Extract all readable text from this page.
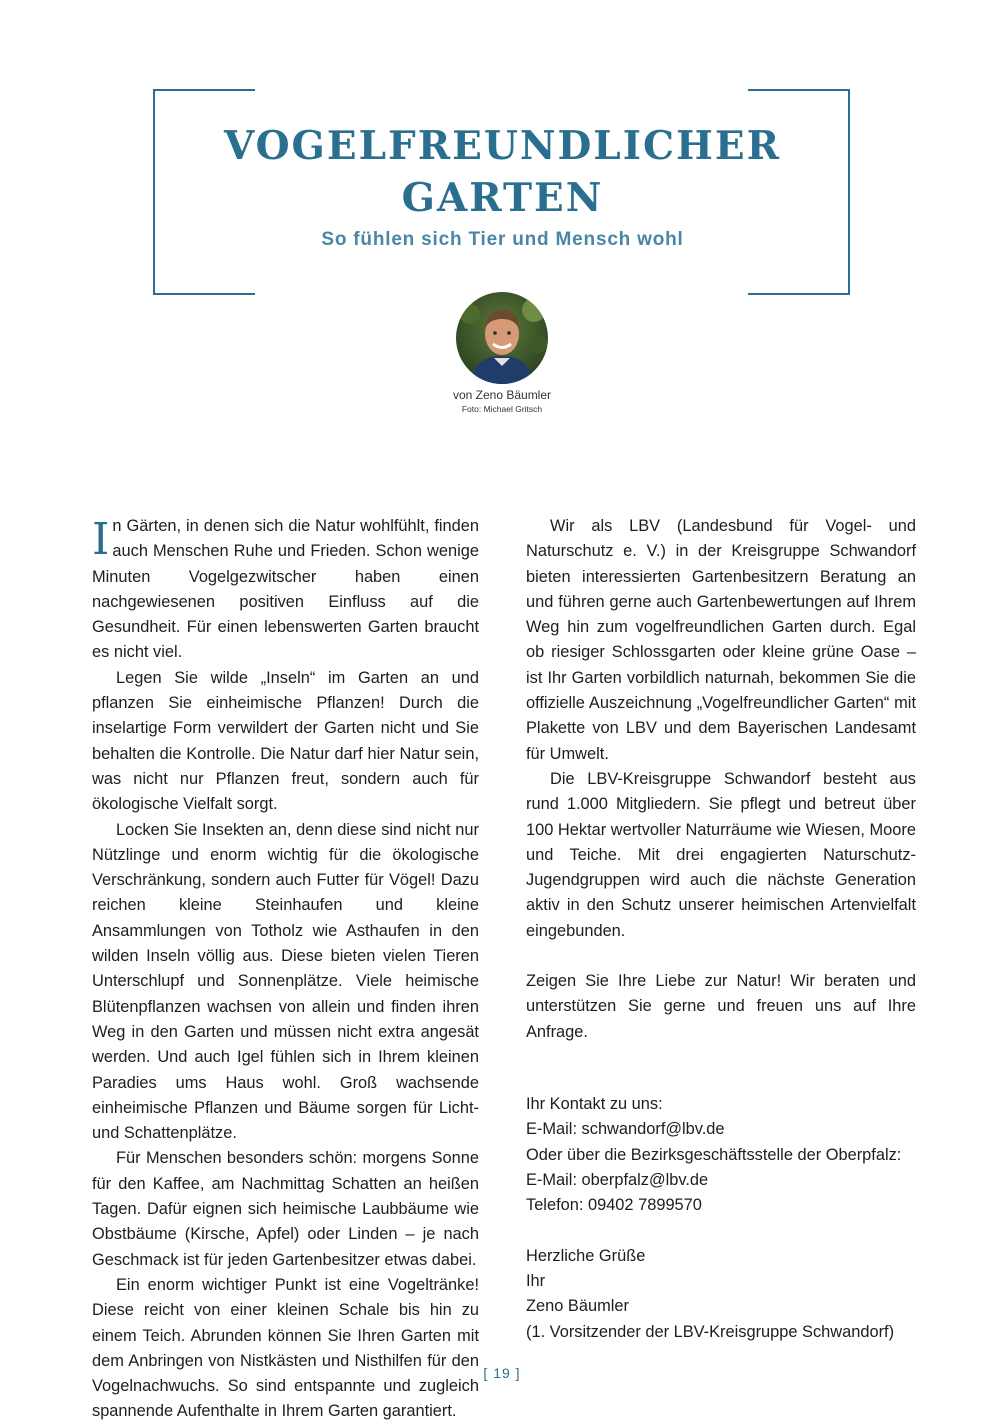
VOGELFREUNDLICHER
GARTEN
So fühlen sich Tier und Mensch wohl
von Zeno Bäumler
Foto: Michael Gritsch

In Gärten, in denen sich die Natur wohlfühlt, finden auch Menschen Ruhe und Frieden. Schon wenige Minuten Vogelgezwitscher haben einen nachgewiesenen positiven Einfluss auf die Gesundheit. Für einen lebenswerten Garten braucht es nicht viel.

Legen Sie wilde „Inseln“ im Garten an und pflanzen Sie einheimische Pflanzen! Durch die inselartige Form verwildert der Garten nicht und Sie behalten die Kontrolle. Die Natur darf hier Natur sein, was nicht nur Pflanzen freut, sondern auch für ökologische Vielfalt sorgt.

Locken Sie Insekten an, denn diese sind nicht nur Nützlinge und enorm wichtig für die ökologische Verschränkung, sondern auch Futter für Vögel! Dazu reichen kleine Steinhaufen und kleine Ansammlungen von Totholz wie Asthaufen in den wilden Inseln völlig aus. Diese bieten vielen Tieren Unterschlupf und Sonnenplätze. Viele heimische Blütenpflanzen wachsen von allein und finden ihren Weg in den Garten und müssen nicht extra angesät werden. Und auch Igel fühlen sich in Ihrem kleinen Paradies ums Haus wohl. Groß wachsende einheimische Pflanzen und Bäume sorgen für Licht- und Schattenplätze.

Für Menschen besonders schön: morgens Sonne für den Kaffee, am Nachmittag Schatten an heißen Tagen. Dafür eignen sich heimische Laubbäume wie Obstbäume (Kirsche, Apfel) oder Linden – je nach Geschmack ist für jeden Gartenbesitzer etwas dabei.

Ein enorm wichtiger Punkt ist eine Vogeltränke! Diese reicht von einer kleinen Schale bis hin zu einem Teich. Abrunden können Sie Ihren Garten mit dem Anbringen von Nistkästen und Nisthilfen für den Vogelnachwuchs. So sind entspannte und zugleich spannende Aufenthalte in Ihrem Garten garantiert.

Wir als LBV (Landesbund für Vogel- und Naturschutz e. V.) in der Kreisgruppe Schwandorf bieten interessierten Gartenbesitzern Beratung an und führen gerne auch Gartenbewertungen auf Ihrem Weg hin zum vogelfreundlichen Garten durch. Egal ob riesiger Schlossgarten oder kleine grüne Oase – ist Ihr Garten vorbildlich naturnah, bekommen Sie die offizielle Auszeichnung „Vogelfreundlicher Garten“ mit Plakette von LBV und dem Bayerischen Landesamt für Umwelt.

Die LBV-Kreisgruppe Schwandorf besteht aus rund 1.000 Mitgliedern. Sie pflegt und betreut über 100 Hektar wertvoller Naturräume wie Wiesen, Moore und Teiche. Mit drei engagierten Naturschutz-Jugendgruppen wird auch die nächste Generation aktiv in den Schutz unserer heimischen Artenvielfalt eingebunden.

Zeigen Sie Ihre Liebe zur Natur! Wir beraten und unterstützen Sie gerne und freuen uns auf Ihre Anfrage.

Ihr Kontakt zu uns:
E-Mail: schwandorf@lbv.de
Oder über die Bezirksgeschäftsstelle der Oberpfalz:
E-Mail: oberpfalz@lbv.de
Telefon: 09402 7899570
Herzliche Grüße
Ihr
Zeno Bäumler
(1. Vorsitzender der LBV-Kreisgruppe Schwandorf)
[ 19 ]
